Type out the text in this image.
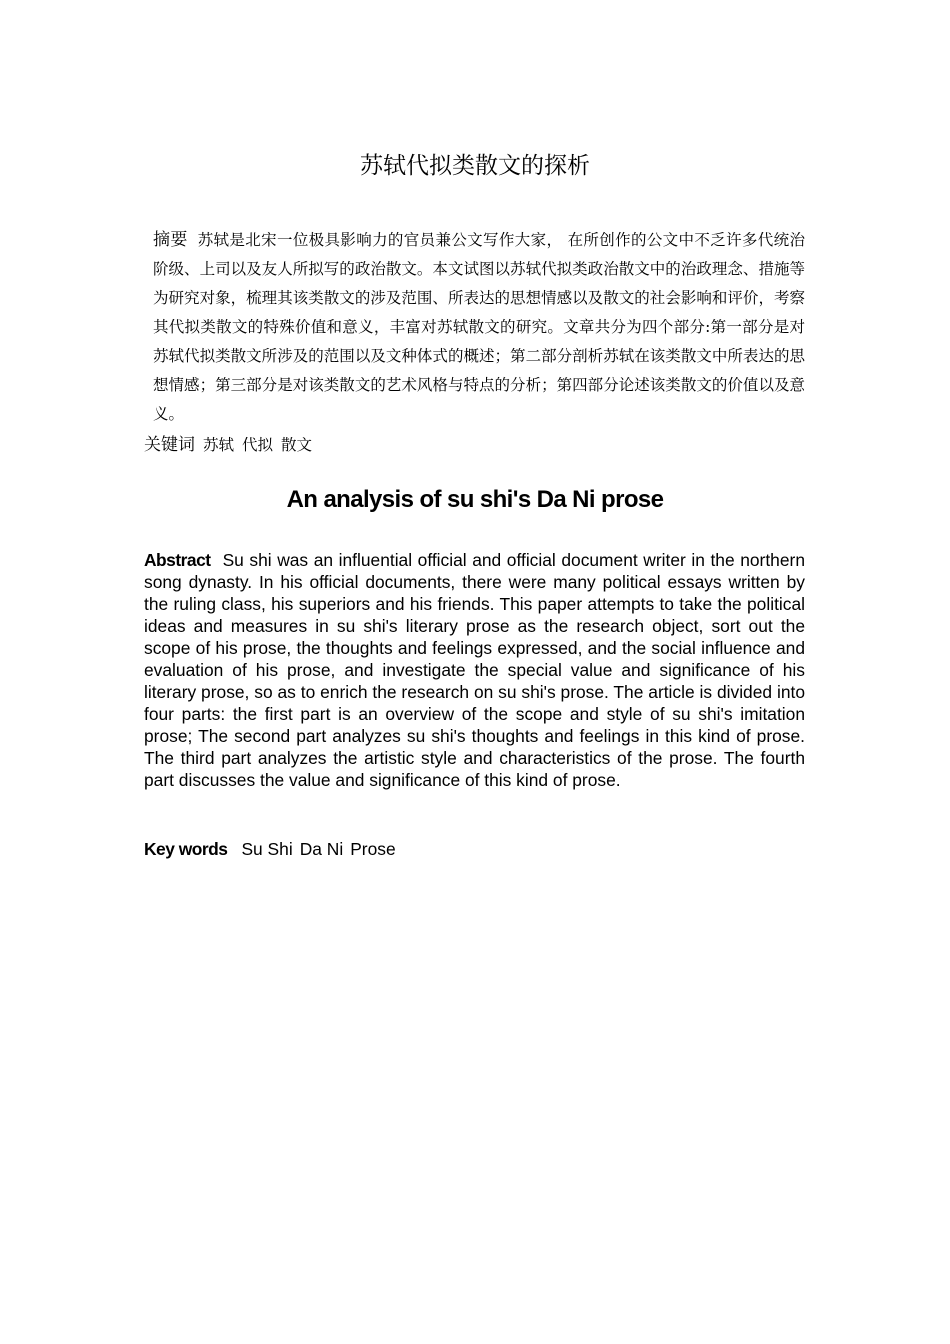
苏轼代拟类散文的探析
摘要 苏轼是北宋一位极具影响力的官员兼公文写作大家， 在所创作的公文中不乏许多代统治阶级、上司以及友人所拟写的政治散文。本文试图以苏轼代拟类政治散文中的治政理念、措施等为研究对象，梳理其该类散文的涉及范围、所表达的思想情感以及散文的社会影响和评价，考察其代拟类散文的特殊价值和意义，丰富对苏轼散文的研究。文章共分为四个部分:第一部分是对苏轼代拟类散文所涉及的范围以及文种体式的概述；第二部分剖析苏轼在该类散文中所表达的思想情感；第三部分是对该类散文的艺术风格与特点的分析；第四部分论述该类散文的价值以及意义。
关键词 苏轼 代拟 散文
An analysis of su shi's Da Ni prose
Abstract Su shi was an influential official and official document writer in the northern song dynasty. In his official documents, there were many political essays written by the ruling class, his superiors and his friends. This paper attempts to take the political ideas and measures in su shi's literary prose as the research object, sort out the scope of his prose, the thoughts and feelings expressed, and the social influence and evaluation of his prose, and investigate the special value and significance of his literary prose, so as to enrich the research on su shi's prose. The article is divided into four parts: the first part is an overview of the scope and style of su shi's imitation prose; The second part analyzes su shi's thoughts and feelings in this kind of prose. The third part analyzes the artistic style and characteristics of the prose. The fourth part discusses the value and significance of this kind of prose.
Key words Su Shi Da Ni Prose
